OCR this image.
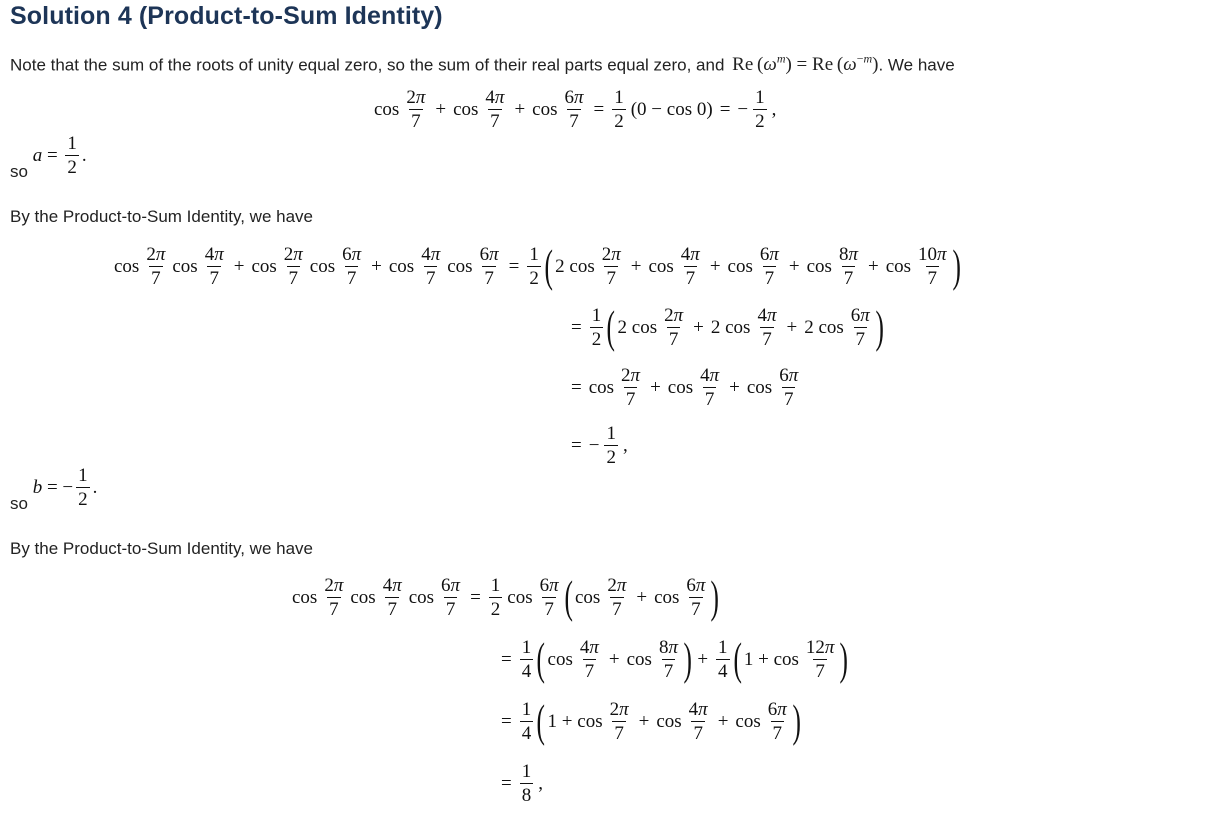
Solution 4 (Product-to-Sum Identity)
Note that the sum of the roots of unity equal zero, so the sum of their real parts equal zero, and Re $(\omega^m) = Re$ $(\omega^{-m})$. We have
cos
2π
7
+ cos
4π
7
+ $\cos \frac{6\pi}{7} = \frac{1}{2} (0 - \cos 0)$ = − $\frac{1}{2}$ ,
so
a =
1
2
.
By the Product-to-Sum Identity, we have
cos
2π
7
cos
4π
7
+ cos
2π
7
cos
6π
7
+ cos
4π
7
$\cos \frac{6\pi}{7} = \frac{1}{2}$ ( 2 cos
2π
7
+ cos
4π
7
+ cos
6π
7
+ cos
8π
7
+ cos
10π
7 )
= $\frac{1}{2}$ ( 2 cos
2π
7
+ 2 cos
4π
7
+ 2 cos
6π
7 )
= cos
2π
7
+ cos
4π
7
+ cos
6π
7
= − $\frac{1}{2}$ ,
so
b = −
1
2
.
By the Product-to-Sum Identity, we have
cos
2π
7
cos
4π
7
$\cos \frac{6\pi}{7} = \frac{1}{2}$ cos
6π
7 ( cos
2π
7
+ cos
6π
7 )
= $\frac{1}{4}$ ( cos
4π
7
+ cos
8π
7 ) + $\frac{1}{4}$ ( 1 + cos
12π
7 )
= $\frac{1}{4}$ ( 1 + cos
2π
7
+ cos
4π
7
+ cos
6π
7 )
= $\frac{1}{8}$ ,
